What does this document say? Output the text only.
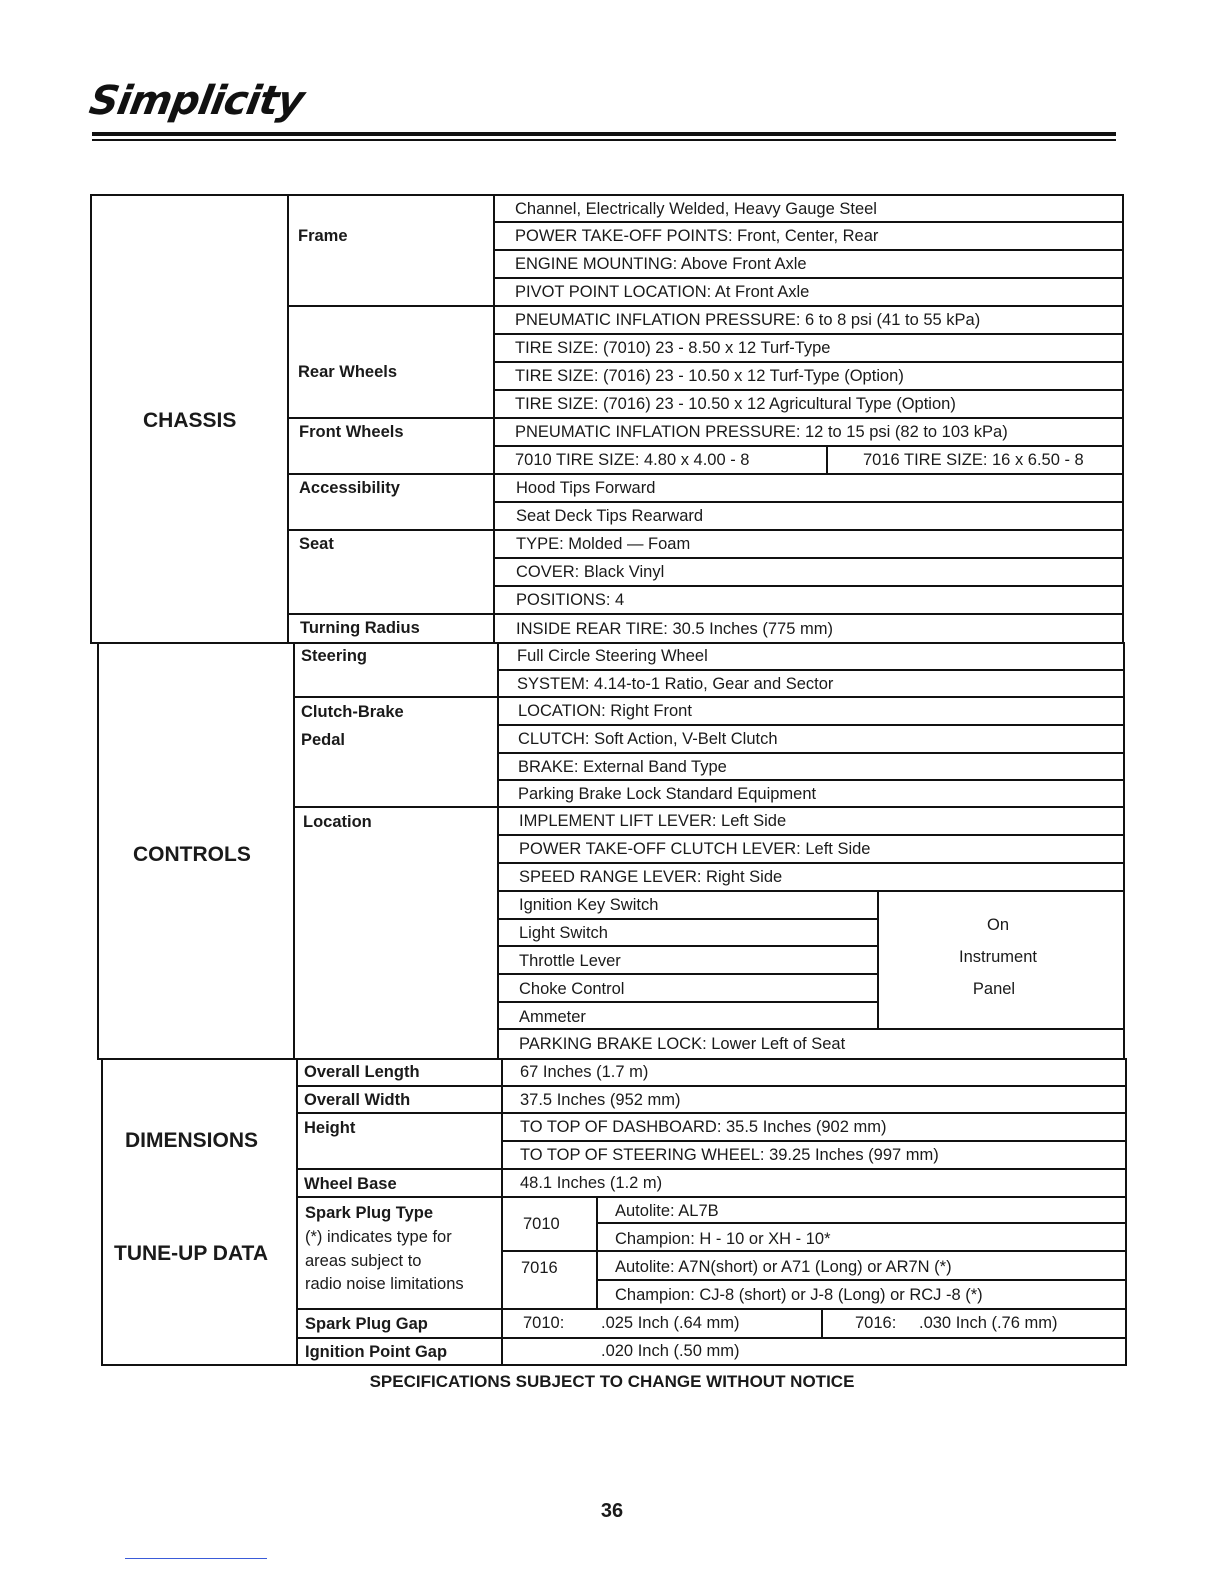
Simplicity
CHASSIS
Frame
Rear Wheels
Front Wheels
Accessibility
Seat
Turning Radius
Channel, Electrically Welded, Heavy Gauge Steel
POWER TAKE-OFF POINTS: Front, Center, Rear
ENGINE MOUNTING: Above Front Axle
PIVOT POINT LOCATION: At Front Axle
PNEUMATIC INFLATION PRESSURE: 6 to 8 psi (41 to 55 kPa)
TIRE SIZE: (7010) 23 - 8.50 x 12 Turf-Type
TIRE SIZE: (7016) 23 - 10.50 x 12 Turf-Type (Option)
TIRE SIZE: (7016) 23 - 10.50 x 12 Agricultural Type (Option)
PNEUMATIC INFLATION PRESSURE: 12 to 15 psi (82 to 103 kPa)
7010 TIRE SIZE: 4.80 x 4.00 - 8	7016 TIRE SIZE: 16 x 6.50 - 8
Hood Tips Forward
Seat Deck Tips Rearward
TYPE: Molded — Foam
COVER: Black Vinyl
POSITIONS: 4
INSIDE REAR TIRE: 30.5 Inches (775 mm)
CONTROLS
Steering
Clutch-Brake
Pedal
Location
Full Circle Steering Wheel
SYSTEM: 4.14-to-1 Ratio, Gear and Sector
LOCATION: Right Front
CLUTCH: Soft Action, V-Belt Clutch
BRAKE: External Band Type
Parking Brake Lock Standard Equipment
IMPLEMENT LIFT LEVER: Left Side
POWER TAKE-OFF CLUTCH LEVER: Left Side
SPEED RANGE LEVER: Right Side
Ignition Key Switch
Light Switch
Throttle Lever
Choke Control
Ammeter
On
Instrument
Panel
PARKING BRAKE LOCK: Lower Left of Seat
DIMENSIONS
TUNE-UP DATA
Overall Length
Overall Width
Height
Wheel Base
Spark Plug Type
(*) indicates type for
areas subject to
radio noise limitations
Spark Plug Gap
Ignition Point Gap
67 Inches (1.7 m)
37.5 Inches (952 mm)
TO TOP OF DASHBOARD: 35.5 Inches (902 mm)
TO TOP OF STEERING WHEEL: 39.25 Inches (997 mm)
48.1 Inches (1.2 m)
7010
7016
Autolite: AL7B
Champion: H - 10 or XH - 10*
Autolite: A7N(short) or A71 (Long) or AR7N (*)
Champion: CJ-8 (short) or J-8 (Long) or RCJ -8 (*)
7010: .025 Inch (.64 mm)	7016: .030 Inch (.76 mm)
.020 Inch (.50 mm)
SPECIFICATIONS SUBJECT TO CHANGE WITHOUT NOTICE
36
